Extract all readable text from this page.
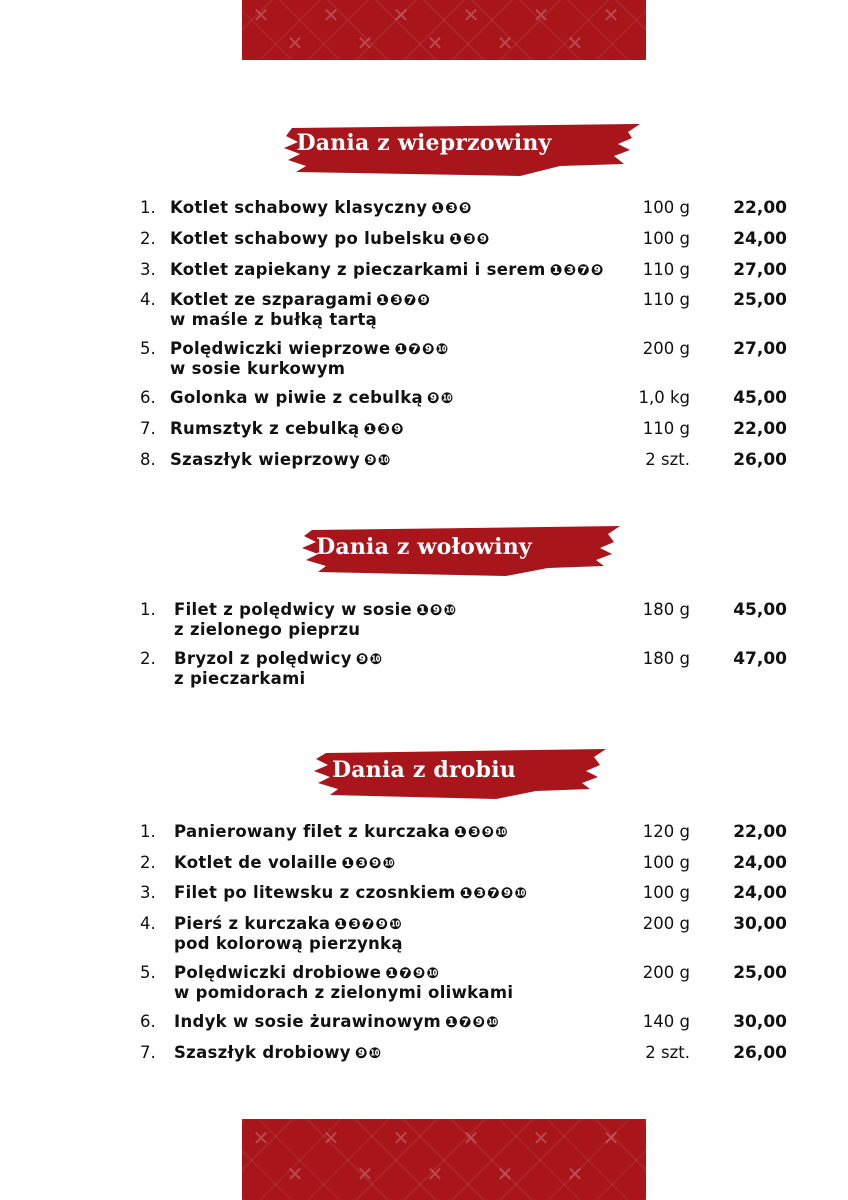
✕
✕
✕
✕
✕
✕
✕
✕
✕
✕
✕
Dania z wieprzowiny
1. Kotlet schabowy klasyczny ❶❸❾	100 g	22,00
2. Kotlet schabowy po lubelsku ❶❸❾	100 g	24,00
3. Kotlet zapiekany z pieczarkami i serem ❶❸❼❾	110 g	27,00
4. Kotlet ze szparagami ❶❸❼❾
w maśle z bułką tartą
110 g	25,00
5. Polędwiczki wieprzowe ❶❼❾❿
w sosie kurkowym
200 g	27,00
6. Golonka w piwie z cebulką ❾❿	1,0 kg	45,00
7. Rumsztyk z cebulką ❶❸❾	110 g	22,00
8. Szaszłyk wieprzowy ❾❿	2 szt.	26,00
Dania z wołowiny
1. Filet z polędwicy w sosie ❶❾❿
z zielonego pieprzu
180 g	45,00
2. Bryzol z polędwicy ❾❿
z pieczarkami
180 g	47,00
Dania z drobiu
1. Panierowany filet z kurczaka ❶❸❾❿	120 g	22,00
2. Kotlet de volaille ❶❸❾❿	100 g	24,00
3. Filet po litewsku z czosnkiem ❶❸❼❾❿	100 g	24,00
4. Pierś z kurczaka ❶❸❼❾❿
pod kolorową pierzynką
200 g	30,00
5. Polędwiczki drobiowe ❶❼❾❿
w pomidorach z zielonymi oliwkami
200 g	25,00
6. Indyk w sosie żurawinowym ❶❼❾❿	140 g	30,00
7. Szaszłyk drobiowy ❾❿	2 szt.	26,00
✕
✕
✕
✕
✕
✕
✕
✕
✕
✕
✕
